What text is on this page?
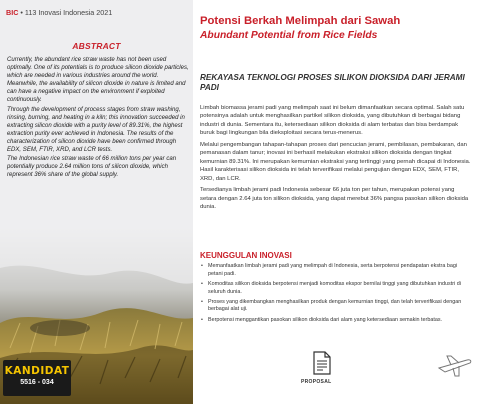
BIC • 113 Inovasi Indonesia 2021
ABSTRACT

Currently, the abundant rice straw waste has not been used optimally. One of its potentials is to produce silicon dioxide particles, which are needed in various industries around the world. Meanwhile, the availability of silicon dioxide in nature is limited and can have a negative impact on the environment if exploited continuously.

Through the development of process stages from straw washing, rinsing, burning, and heating in a kiln; this innovation succeeded in extracting silicon dioxide with a purity level of 89.31%, the highest extraction purity ever achieved in Indonesia. The results of the characterization of silicon dioxide have been confirmed through EDX, SEM, FTIR, XRD, and LCR tests.

The Indonesian rice straw waste of 66 million tons per year can potentially produce 2.64 million tons of silicon dioxide, which represent 36% share of the global supply.

KANDIDAT
5516 - 034
Potensi Berkah Melimpah dari Sawah
Abundant Potential from Rice Fields
REKAYASA TEKNOLOGI PROSES SILIKON DIOKSIDA DARI JERAMI PADI

Limbah biomassa jerami padi yang melimpah saat ini belum dimanfaatkan secara optimal. Salah satu potensinya adalah untuk menghasilkan partikel silikon dioksida, yang dibutuhkan di berbagai bidang industri di dunia. Sementara itu, ketersediaan silikon dioksida di alam terbatas dan bisa berdampak buruk bagi lingkungan bila dieksploitasi secara terus-menerus.

Melalui pengembangan tahapan-tahapan proses dari pencucian jerami, pembilasan, pembakaran, dan pemanasan dalam tanur; inovasi ini berhasil melakukan ekstraksi silikon dioksida dengan tingkat kemurnian 89.31%. Ini merupakan kemurnian ekstraksi yang tertinggi yang pernah dicapai di Indonesia. Hasil karakterisasi silikon dioksida ini telah terverifikasi melalui pengujian dengan EDX, SEM, FTIR, XRD, dan LCR.

Tersedianya limbah jerami padi Indonesia sebesar 66 juta ton per tahun, merupakan potensi yang setara dengan 2.64 juta ton silikon dioksida, yang dapat merebut 36% pangsa pasokan silikon dioksida dunia.

KEUNGGULAN INOVASI
• Memanfaatkan limbah jerami padi yang melimpah di Indonesia, serta berpotensi pendapatan ekstra bagi petani padi.
• Komoditas silikon dioksida berpotensi menjadi komoditas ekspor bernilai tinggi yang dibutuhkan industri di seluruh dunia.
• Proses yang dikembangkan menghasilkan produk dengan kemurnian tinggi, dan telah terverifikasi dengan berbagai alat uji.
• Berpotensi menggantikan pasokan silikon dioksida dari alam yang ketersediaan semakin terbatas.
PROPOSAL
